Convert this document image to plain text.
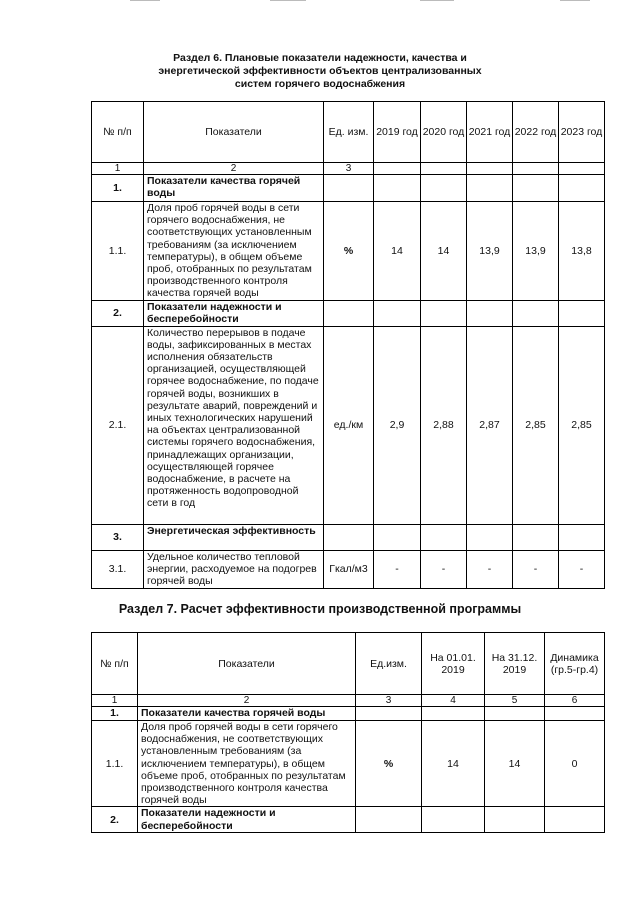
Раздел 6. Плановые показатели надежности, качества и
энергетической эффективности объектов централизованных
систем горячего водоснабжения
№ п/п	Показатели	Ед. изм.	2019 год	2020 год	2021 год	2022 год	2023 год
1	2	3					
1.	Показатели качества горячей воды						
1.1.	Доля проб горячей воды в сети горячего водоснабжения, не соответствующих установленным требованиям (за исключением температуры), в общем объеме проб, отобранных по результатам производственного контроля качества горячей воды	%	14	14	13,9	13,9	13,8
2.	Показатели надежности и бесперебойности						
2.1.	Количество перерывов в подаче воды, зафиксированных в местах исполнения обязательств организацией, осуществляющей горячее водоснабжение, по подаче горячей воды, возникших в результате аварий, повреждений и иных технологических нарушений на объектах централизованной системы горячего водоснабжения, принадлежащих организации, осуществляющей горячее водоснабжение, в расчете на протяженность водопроводной сети в год	ед./км	2,9	2,88	2,87	2,85	2,85
3.	Энергетическая эффективность						
3.1.	Удельное количество тепловой энергии, расходуемое на подогрев горячей воды	Гкал/м3	-	-	-	-	-
Раздел 7. Расчет эффективности производственной программы
№ п/п	Показатели	Ед.изм.	На 01.01. 2019	На 31.12. 2019	Динамика (гр.5-гр.4)
1	2	3	4	5	6
1.	Показатели качества горячей воды				
1.1.	Доля проб горячей воды в сети горячего водоснабжения, не соответствующих установленным требованиям (за исключением температуры), в общем объеме проб, отобранных по результатам производственного контроля качества горячей воды	%	14	14	0
2.	Показатели надежности и бесперебойности				
